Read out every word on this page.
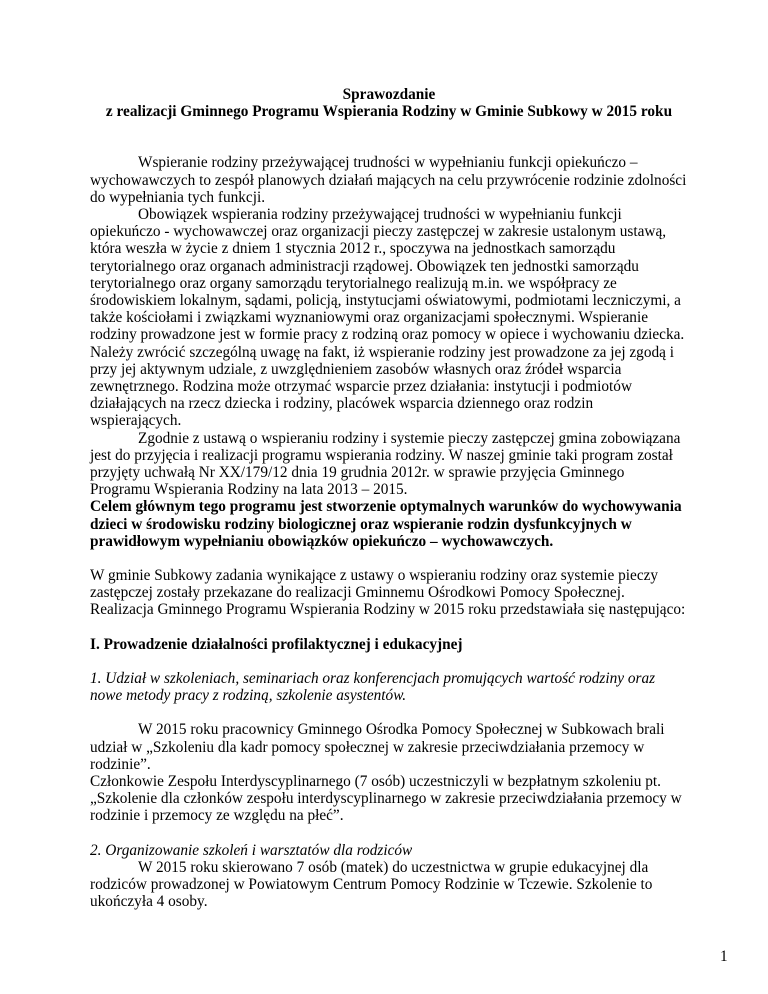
Sprawozdanie

z realizacji Gminnego Programu Wspierania Rodziny w Gminie Subkowy w 2015 roku

Wspieranie rodziny przeżywającej trudności w wypełnianiu funkcji opiekuńczo – wychowawczych to zespół planowych działań mających na celu przywrócenie rodzinie zdolności do wypełniania tych funkcji.

Obowiązek wspierania rodziny przeżywającej trudności w wypełnianiu funkcji opiekuńczo - wychowawczej oraz organizacji pieczy zastępczej w zakresie ustalonym ustawą, która weszła w życie z dniem 1 stycznia 2012 r., spoczywa na jednostkach samorządu terytorialnego oraz organach administracji rządowej. Obowiązek ten jednostki samorządu terytorialnego oraz organy samorządu terytorialnego realizują m.in. we współpracy ze środowiskiem lokalnym, sądami, policją, instytucjami oświatowymi, podmiotami leczniczymi, a także kościołami i związkami wyznaniowymi oraz organizacjami społecznymi. Wspieranie rodziny prowadzone jest w formie pracy z rodziną oraz pomocy w opiece i wychowaniu dziecka. Należy zwrócić szczególną uwagę na fakt, iż wspieranie rodziny jest prowadzone za jej zgodą i przy jej aktywnym udziale, z uwzględnieniem zasobów własnych oraz źródeł wsparcia zewnętrznego. Rodzina może otrzymać wsparcie przez działania: instytucji i podmiotów działających na rzecz dziecka i rodziny, placówek wsparcia dziennego oraz rodzin wspierających.

Zgodnie z ustawą o wspieraniu rodziny i systemie pieczy zastępczej gmina zobowiązana jest do przyjęcia i realizacji programu wspierania rodziny. W naszej gminie taki program został przyjęty uchwałą Nr XX/179/12 dnia 19 grudnia 2012r. w sprawie przyjęcia Gminnego Programu Wspierania Rodziny na lata 2013 – 2015.

Celem głównym tego programu jest stworzenie optymalnych warunków do wychowywania dzieci w środowisku rodziny biologicznej oraz wspieranie rodzin dysfunkcyjnych w prawidłowym wypełnianiu obowiązków opiekuńczo – wychowawczych.

W gminie Subkowy zadania wynikające z ustawy o wspieraniu rodziny oraz systemie pieczy zastępczej zostały przekazane do realizacji Gminnemu Ośrodkowi Pomocy Społecznej. Realizacja Gminnego Programu Wspierania Rodziny w 2015 roku przedstawiała się następująco:

I. Prowadzenie działalności profilaktycznej i edukacyjnej

1. Udział w szkoleniach, seminariach oraz konferencjach promujących wartość rodziny oraz nowe metody pracy z rodziną, szkolenie asystentów.

W 2015 roku pracownicy Gminnego Ośrodka Pomocy Społecznej w Subkowach brali udział w „Szkoleniu dla kadr pomocy społecznej w zakresie przeciwdziałania przemocy w rodzinie”.

Członkowie Zespołu Interdyscyplinarnego (7 osób) uczestniczyli w bezpłatnym szkoleniu pt. „Szkolenie dla członków zespołu interdyscyplinarnego w zakresie przeciwdziałania przemocy w rodzinie i przemocy ze względu na płeć”.

2. Organizowanie szkoleń i warsztatów dla rodziców

W 2015 roku skierowano 7 osób (matek) do uczestnictwa w grupie edukacyjnej dla rodziców prowadzonej w Powiatowym Centrum Pomocy Rodzinie w Tczewie. Szkolenie to ukończyła 4 osoby.

1
